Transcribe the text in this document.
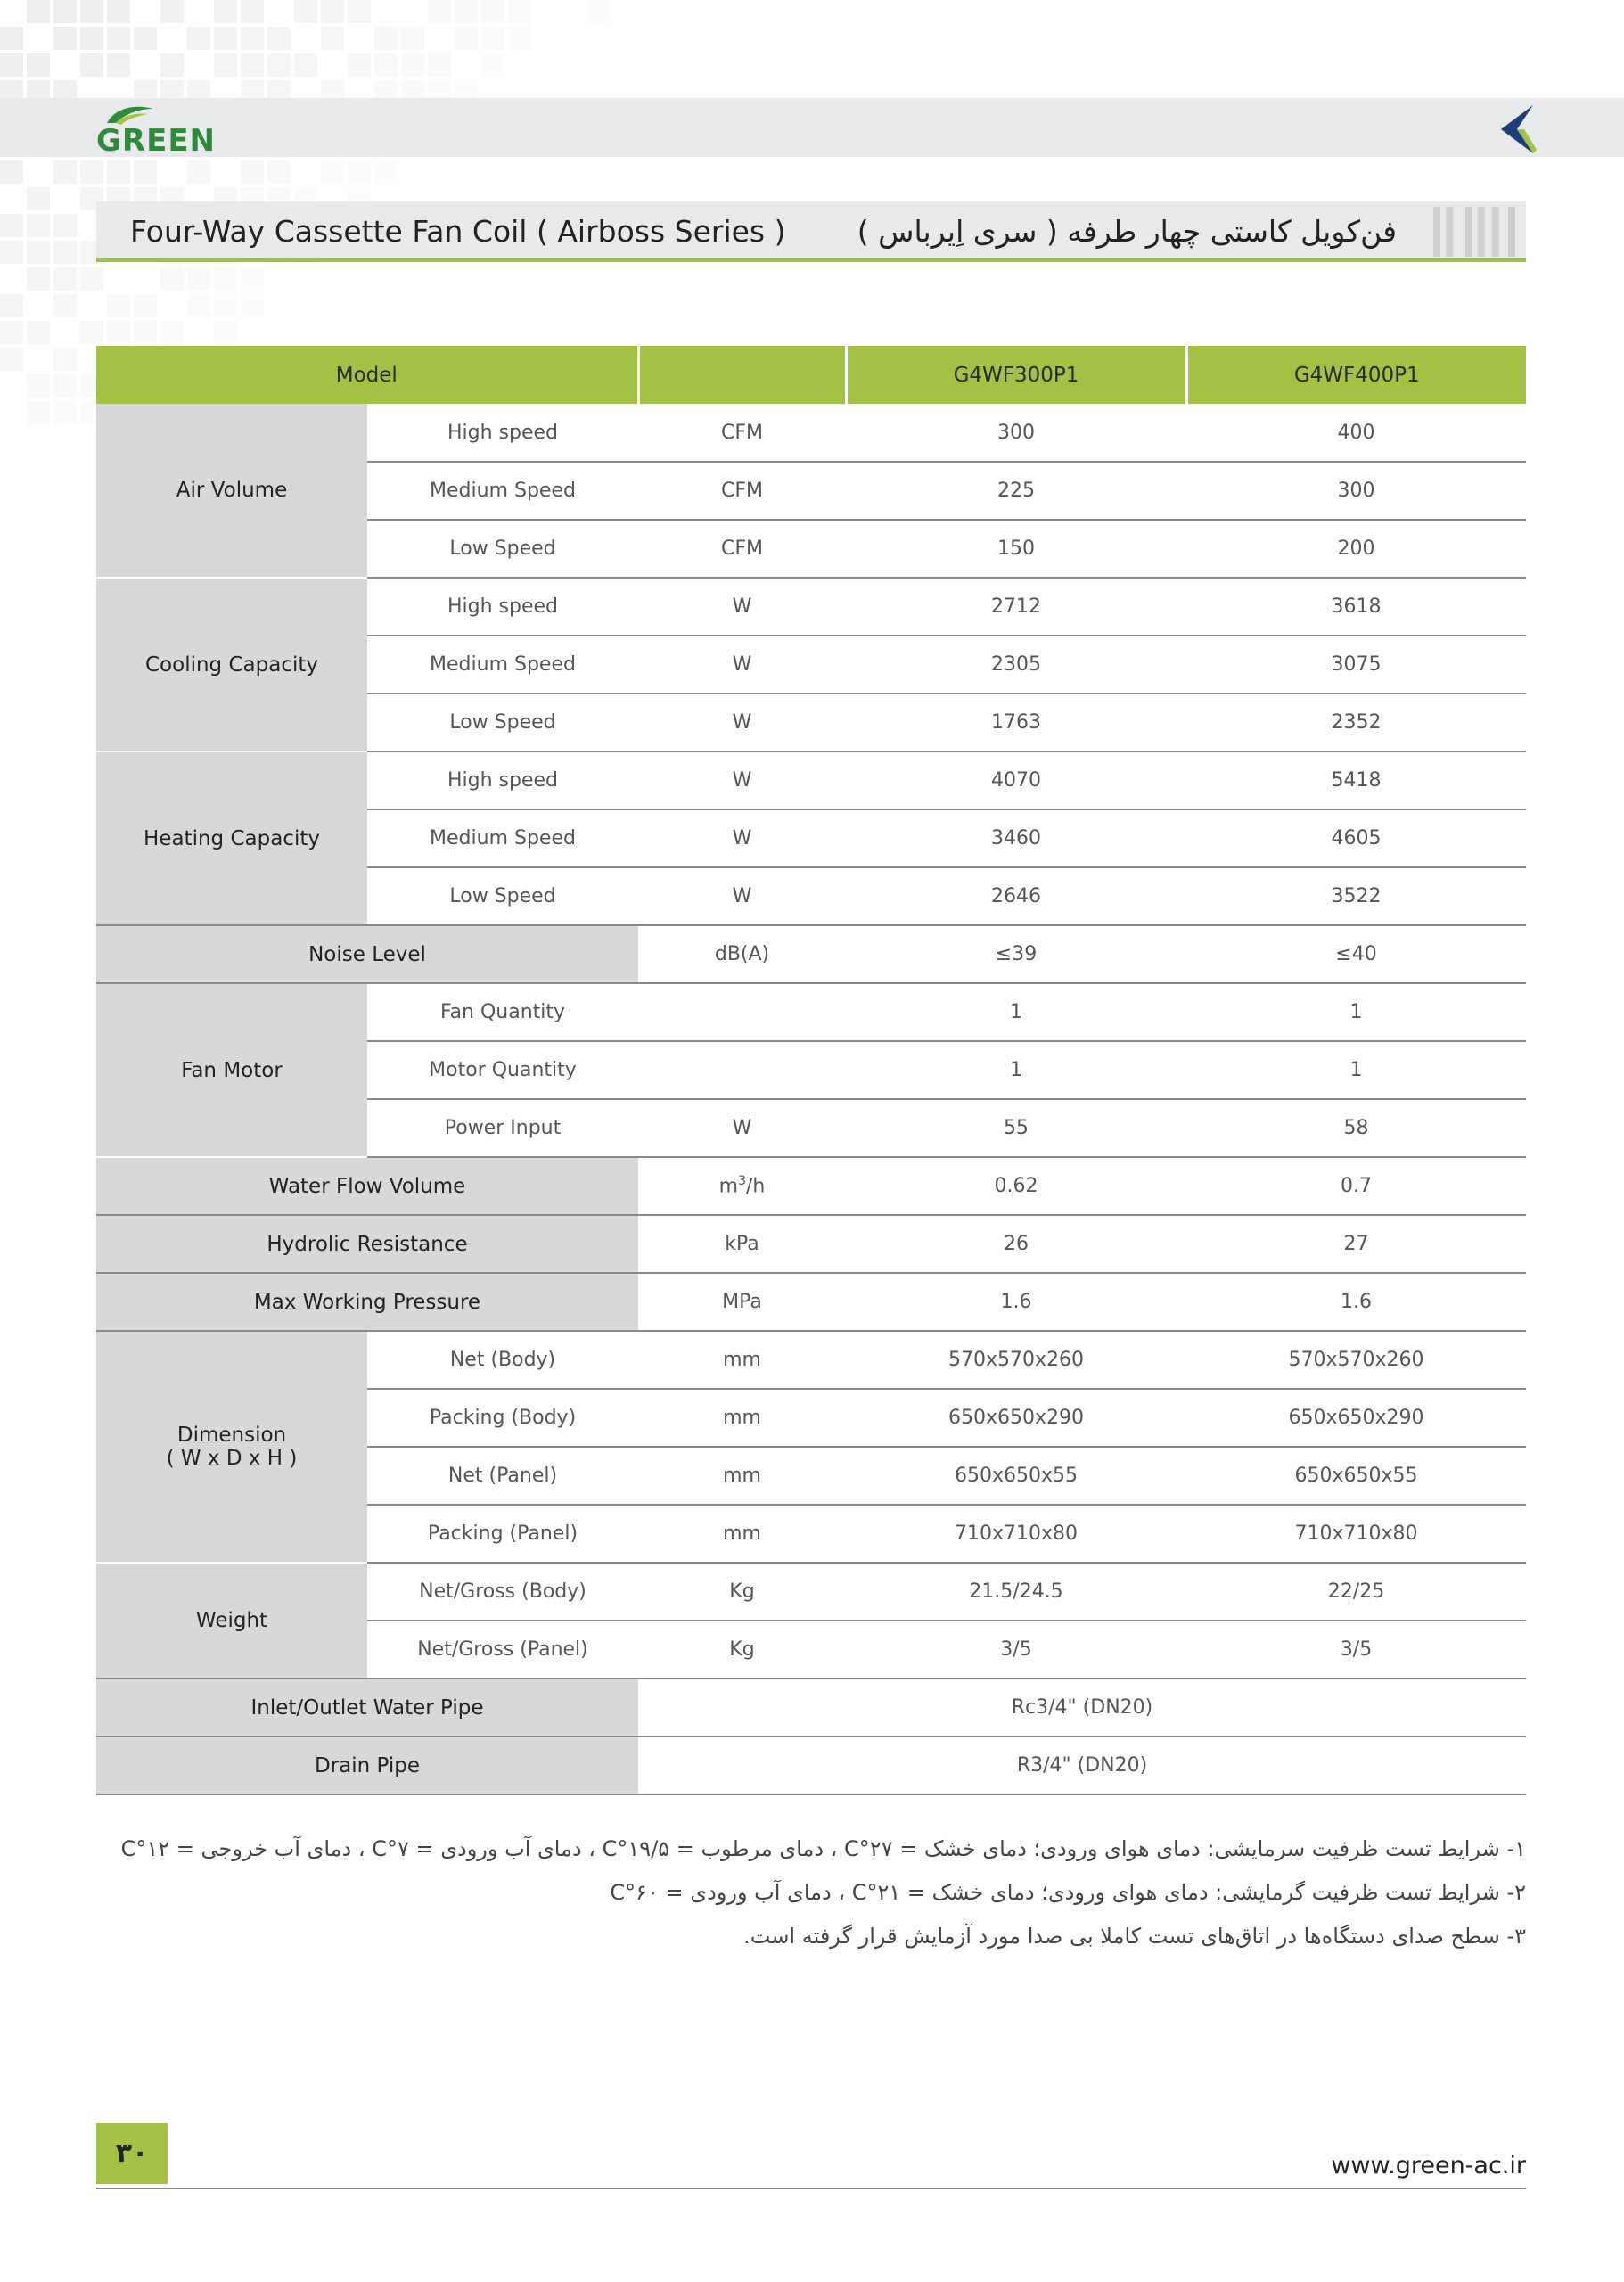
GREEN
Four-Way Cassette Fan Coil ( Airboss Series ) فن‌کویل کاستی چهار طرفه ( سری اِیرباس )
Model			G4WF300P1	G4WF400P1
Air Volume	High speed	CFM	300	400
	Medium Speed	CFM	225	300
	Low Speed	CFM	150	200
Cooling Capacity	High speed	W	2712	3618
	Medium Speed	W	2305	3075
	Low Speed	W	1763	2352
Heating Capacity	High speed	W	4070	5418
	Medium Speed	W	3460	4605
	Low Speed	W	2646	3522
Noise Level		dB(A)	≤39	≤40
Fan Motor	Fan Quantity		1	1
	Motor Quantity		1	1
	Power Input	W	55	58
Water Flow Volume		$m^3/h$	0.62	0.7
Hydrolic Resistance		kPa	26	27
Max Working Pressure		MPa	1.6	1.6

Dimension
( W x D x H )	Net (Body)	mm	570x570x260	570x570x260
	Packing (Body)	mm	650x650x290	650x650x290
	Net (Panel)	mm	650x650x55	650x650x55
	Packing (Panel)	mm	710x710x80	710x710x80
Weight	Net/Gross (Body)	Kg	21.5/24.5	22/25
	Net/Gross (Panel)	Kg	3/5	3/5
Inlet/Outlet Water Pipe		Rc3/4" (DN20)		
Drain Pipe		R3/4" (DN20)		
۱- شرایط تست ظرفیت سرمایشی: دمای هوای ورودی؛ دمای خشک = ۲۷°C ، دمای مرطوب = ۱۹/۵°C ، دمای آب ورودی = ۷°C ، دمای آب خروجی = ۱۲°C
۲- شرایط تست ظرفیت گرمایشی: دمای هوای ورودی؛ دمای خشک = ۲۱°C ، دمای آب ورودی = ۶۰°C
۳- سطح صدای دستگاه‌ها در اتاق‌های تست کاملا بی صدا مورد آزمایش قرار گرفته است.
۳۰	www.green-ac.ir
